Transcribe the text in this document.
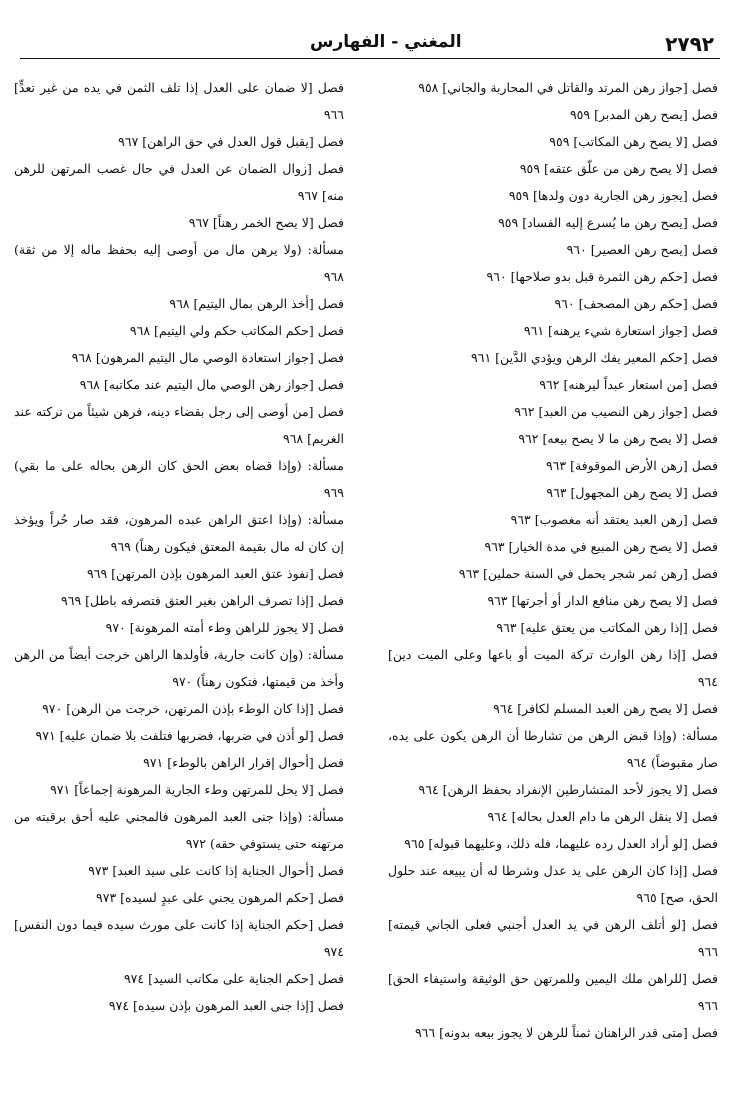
٢٧٩٢
المغني - الفهارس

فصل [جواز رهن المرتد والقاتل في المحاربة والجاني] ٩٥٨

فصل [يصح رهن المدبر] ٩٥٩

فصل [لا يصح رهن المكاتب] ٩٥٩

فصل [لا يصح رهن من علّق عتقه] ٩٥٩

فصل [يجوز رهن الجارية دون ولدها] ٩٥٩

فصل [يصح رهن ما يُسرع إليه الفساد] ٩٥٩

فصل [يصح رهن العصير] ٩٦٠

فصل [حكم رهن الثمرة قبل بدو صلاحها] ٩٦٠

فصل [حكم رهن المصحف] ٩٦٠

فصل [جواز استعارة شيء يرهنه] ٩٦١

فصل [حكم المعير يفك الرهن ويؤدي الدَّين] ٩٦١

فصل [من استعار عبداً ليرهنه] ٩٦٢

فصل [جواز رهن النصيب من العبد] ٩٦٢

فصل [لا يصح رهن ما لا يصح بيعه] ٩٦٢

فصل [رهن الأرض الموقوفة] ٩٦٣

فصل [لا يصح رهن المجهول] ٩٦٣

فصل [رهن العبد يعتقد أنه مغصوب] ٩٦٣

فصل [لا يصح رهن المبيع في مدة الخيار] ٩٦٣

فصل [رهن ثمر شجر يحمل في السنة حملين] ٩٦٣

فصل [لا يصح رهن منافع الدار أو أجرتها] ٩٦٣

فصل [إذا رهن المكاتب من يعتق عليه] ٩٦٣

فصل [إذا رهن الوارث تركة الميت أو باعها وعلى الميت دين] ٩٦٤

فصل [لا يصح رهن العبد المسلم لكافر] ٩٦٤

مسألة: (وإذا قبض الرهن من تشارطا أن الرهن يكون على يده، صار مقبوضاً) ٩٦٤

فصل [لا يجوز لأحد المتشارطين الإنفراد بحفظ الرهن] ٩٦٤

فصل [لا ينقل الرهن ما دام العدل بحاله] ٩٦٤

فصل [لو أراد العدل رده عليهما، فله ذلك، وعليهما قبوله] ٩٦٥

فصل [إذا كان الرهن على يد عدل وشرطا له أن يبيعه عند حلول الحق، صح] ٩٦٥

فصل [لو أتلف الرهن في يد العدل أجنبي فعلى الجاني قيمته] ٩٦٦

فصل [للراهن ملك اليمين وللمرتهن حق الوثيقة واستيفاء الحق] ٩٦٦

فصل [متى قدر الراهنان ثمناً للرهن لا يجوز بيعه بدونه] ٩٦٦

فصل [لا ضمان على العدل إذا تلف الثمن في يده من غير تعدٍّ] ٩٦٦

فصل [يقبل قول العدل في حق الراهن] ٩٦٧

فصل [زوال الضمان عن العدل في حال غصب المرتهن للرهن منه] ٩٦٧

فصل [لا يصح الخمر رهناً] ٩٦٧

مسألة: (ولا يرهن مال من أوصى إليه بحفظ ماله إلا من ثقة) ٩٦٨

فصل [أخذ الرهن بمال اليتيم] ٩٦٨

فصل [حكم المكاتب حكم ولي اليتيم] ٩٦٨

فصل [جواز استعادة الوصي مال اليتيم المرهون] ٩٦٨

فصل [جواز رهن الوصي مال اليتيم عند مكاتبه] ٩٦٨

فصل [من أوصى إلى رجل بقضاء دينه، فرهن شيئاً من تركته عند الغريم] ٩٦٨

مسألة: (وإذا قضاه بعض الحق كان الرهن بحاله على ما بقي) ٩٦٩

مسألة: (وإذا اعتق الراهن عبده المرهون، فقد صار حُراً ويؤخذ إن كان له مال بقيمة المعتق فيكون رهناً) ٩٦٩

فصل [نفوذ عتق العبد المرهون بإذن المرتهن] ٩٦٩

فصل [إذا تصرف الراهن بغير العتق فتصرفه باطل] ٩٦٩

فصل [لا يجوز للراهن وطء أمته المرهونة] ٩٧٠

مسألة: (وإن كانت جارية، فأولدها الراهن خرجت أيضاً من الرهن وأخذ من قيمتها، فتكون رهناً) ٩٧٠

فصل [إذا كان الوطء بإذن المرتهن، خرجت من الرهن] ٩٧٠

فصل [لو أذن في ضربها، فضربها فتلفت بلا ضمان عليه] ٩٧١

فصل [أحوال إقرار الراهن بالوطء] ٩٧١

فصل [لا يحل للمرتهن وطء الجارية المرهونة إجماعاً] ٩٧١

مسألة: (وإذا جنى العبد المرهون فالمجني عليه أحق برقبته من مرتهنه حتى يستوفي حقه) ٩٧٢

فصل [أحوال الجناية إذا كانت على سيد العبد] ٩٧٣

فصل [حكم المرهون يجني على عبدٍ لسيده] ٩٧٣

فصل [حكم الجناية إذا كانت على مورث سيده فيما دون النفس] ٩٧٤

فصل [حكم الجناية على مكاتب السيد] ٩٧٤

فصل [إذا جنى العبد المرهون بإذن سيده] ٩٧٤
